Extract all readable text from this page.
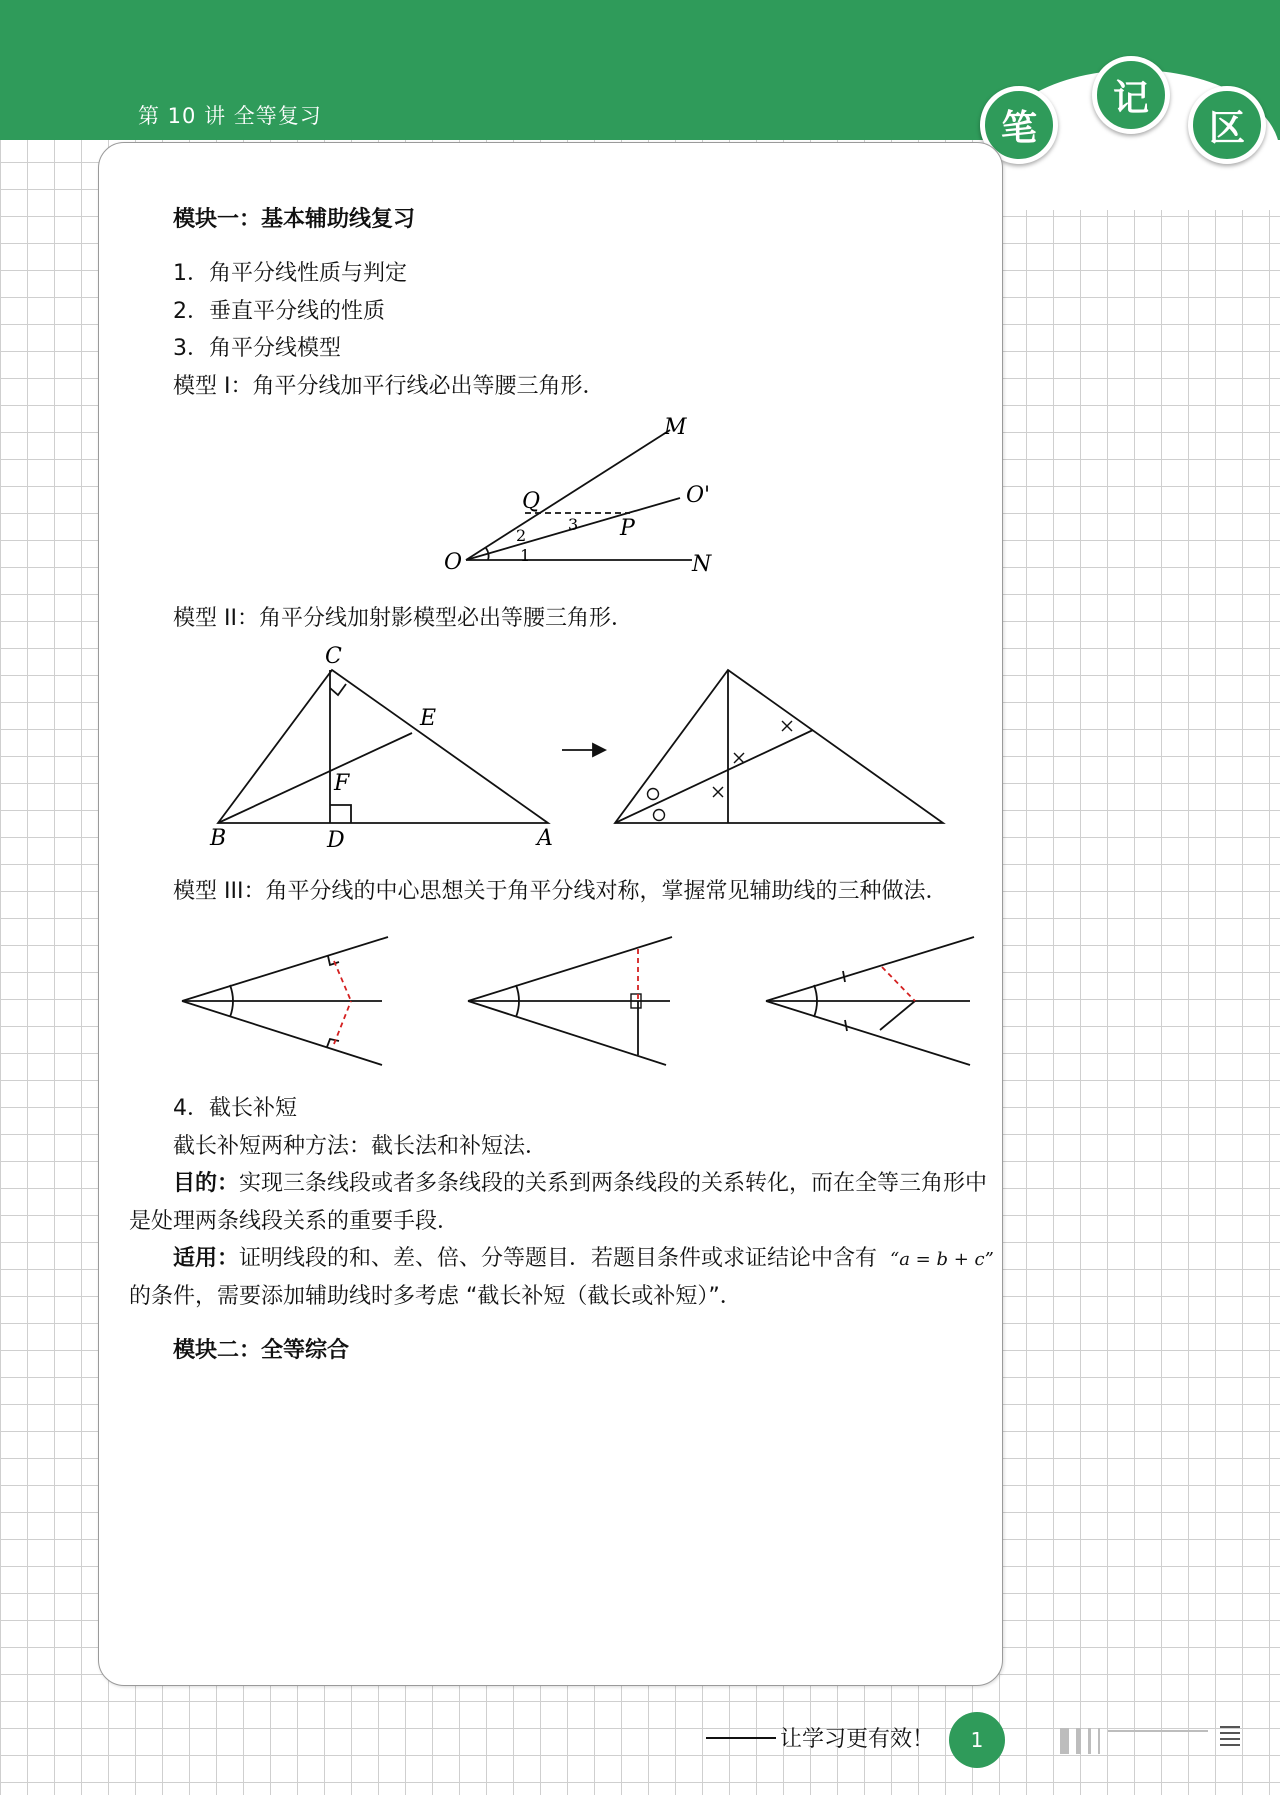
第 10 讲 全等复习	笔
记
区
模块一：基本辅助线复习
1．角平分线性质与判定
2．垂直平分线的性质
3．角平分线模型
模型 I：角平分线加平行线必出等腰三角形．
M
O'
Q
3 P
2
O	1	N
模型 II：角平分线加射影模型必出等腰三角形．
C
E
F
B	D	A
模型 III：角平分线的中心思想关于角平分线对称，掌握常见辅助线的三种做法．
4．截长补短
截长补短两种方法：截长法和补短法．
目的：实现三条线段或者多条线段的关系到两条线段的关系转化，而在全等三角形中
是处理两条线段关系的重要手段．
适用：证明线段的和、差、倍、分等题目．若题目条件或求证结论中含有 “a = b + c”
的条件，需要添加辅助线时多考虑 “截长补短（截长或补短）”．
模块二：全等综合
让学习更有效！	1
